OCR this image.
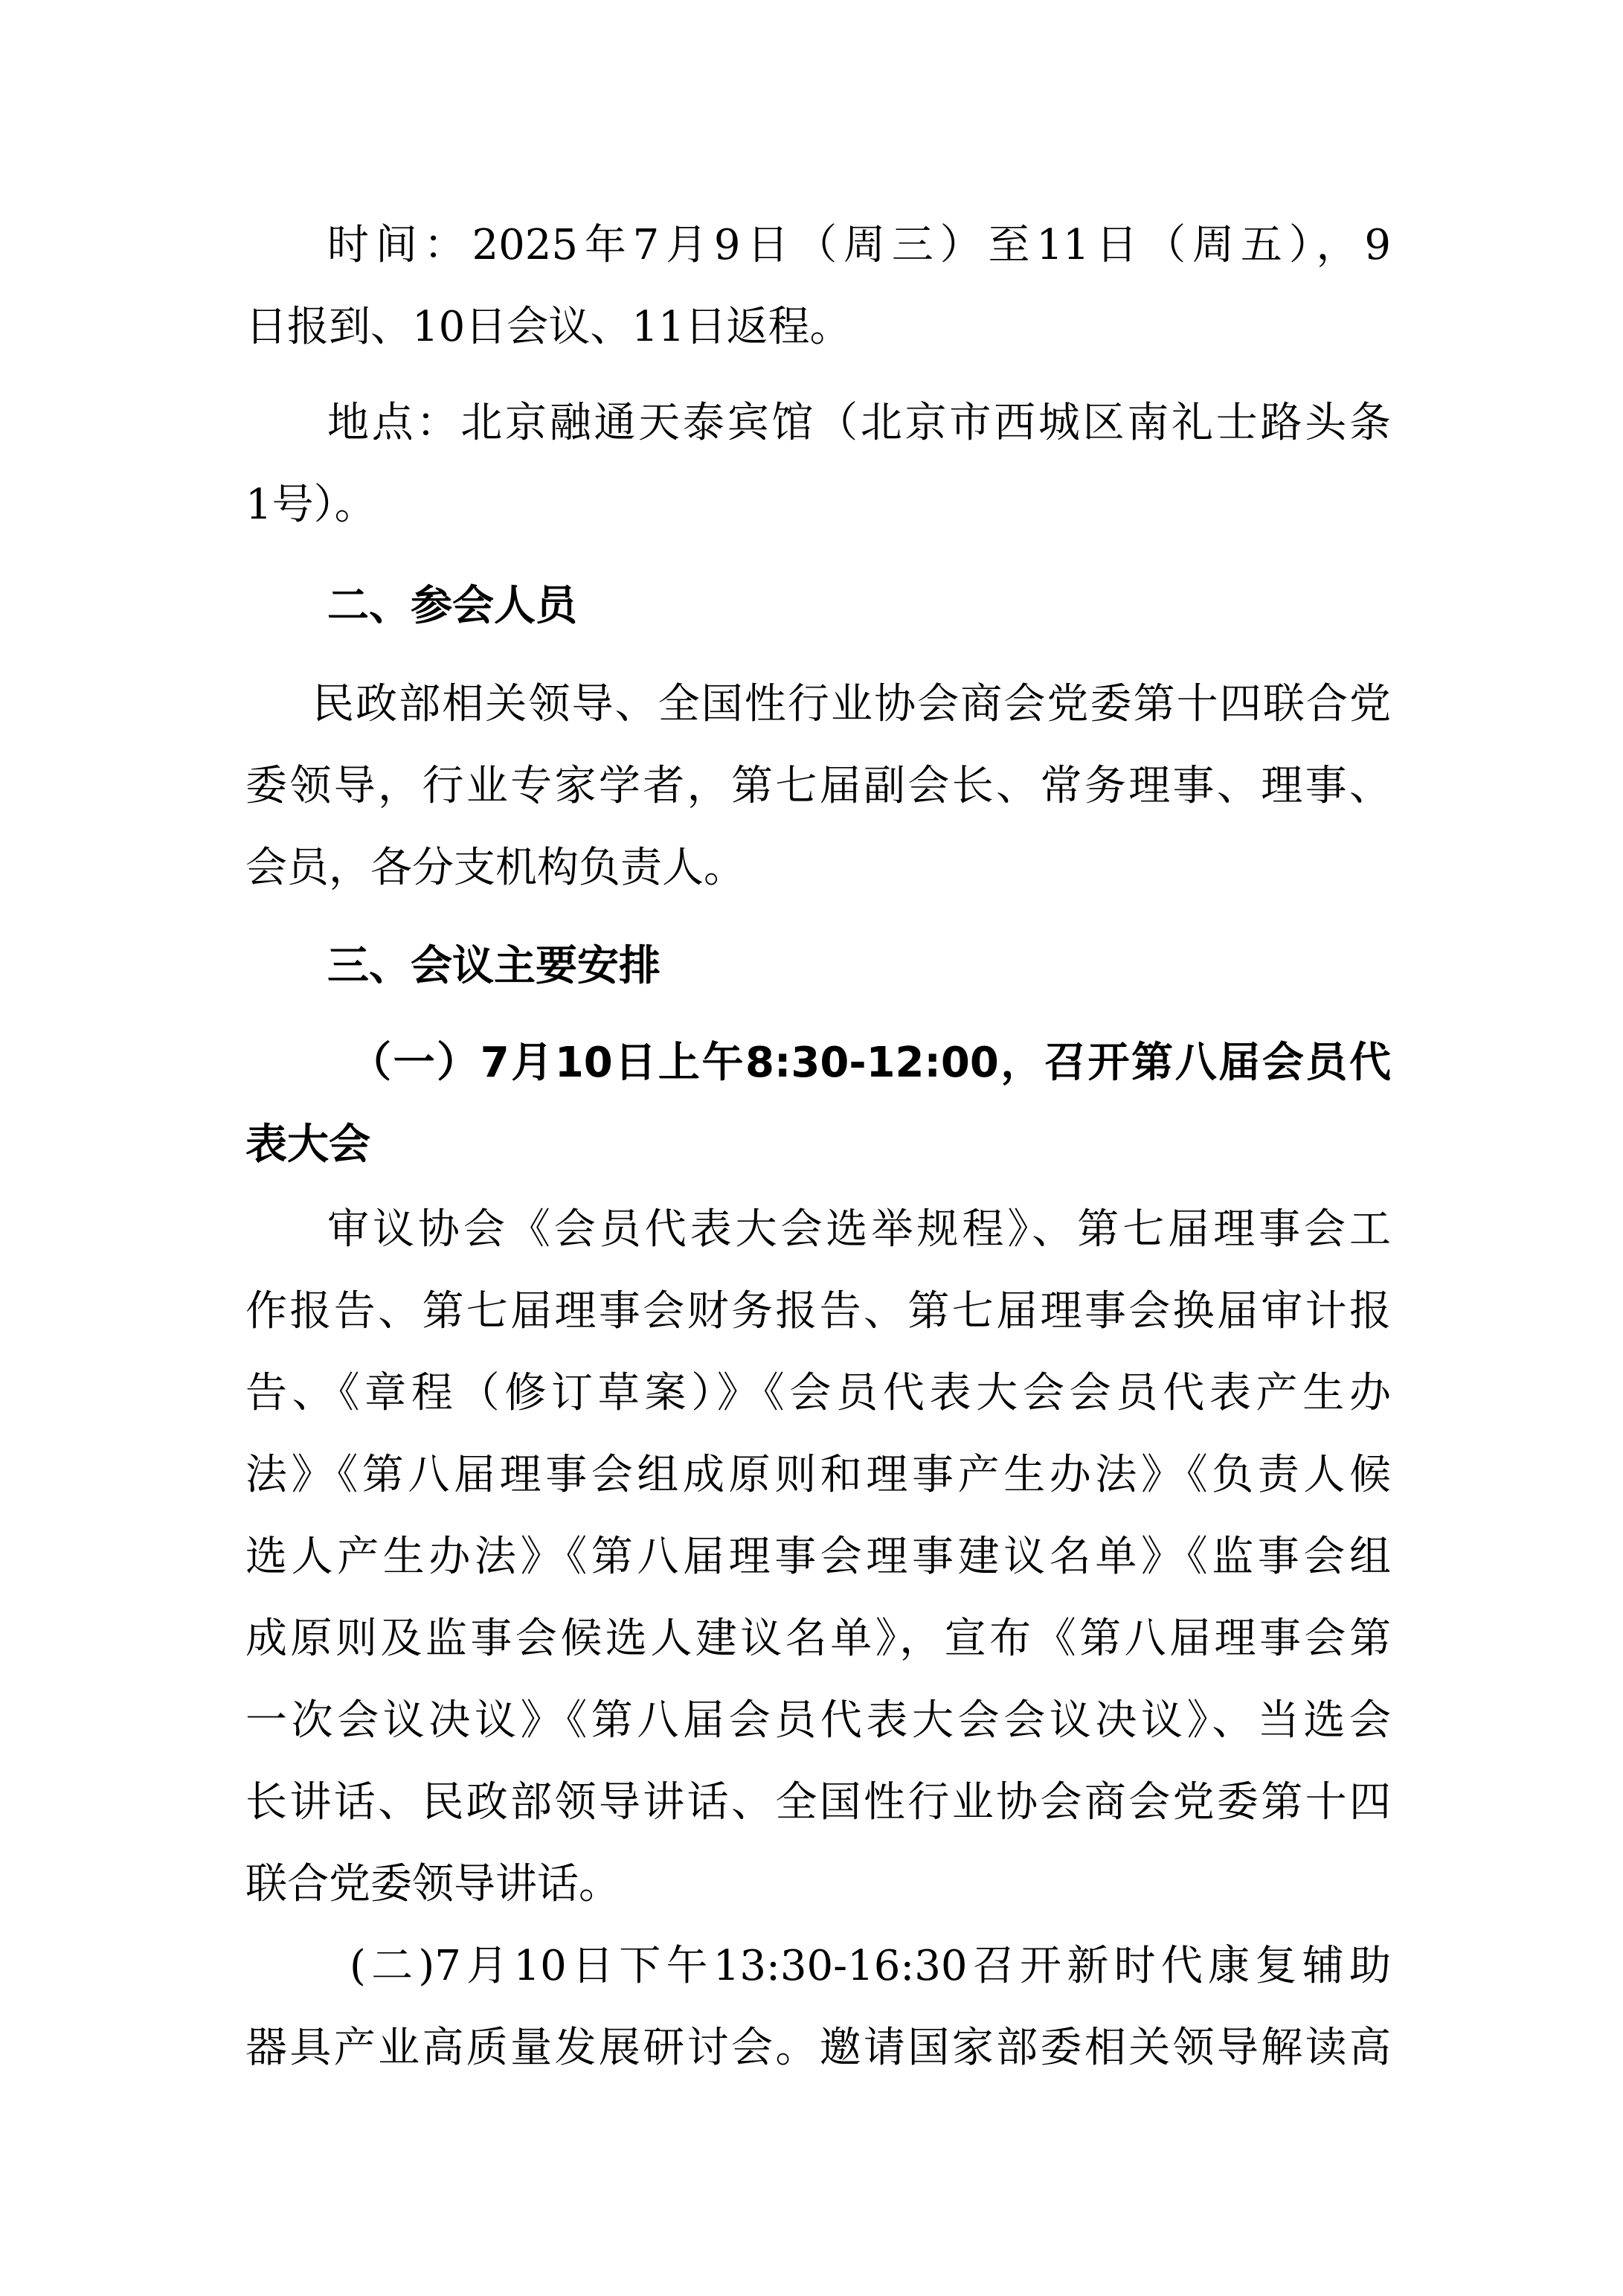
时间：2025年7月9日（周三）至11日（周五），9
日报到、10日会议、11日返程。
地点：北京融通天泰宾馆（北京市西城区南礼士路头条
1号）。
二、参会人员
民政部相关领导、全国性行业协会商会党委第十四联合党
委领导，行业专家学者，第七届副会长、常务理事、理事、
会员，各分支机构负责人。
三、会议主要安排
（一）7月10日上午8:30-12:00，召开第八届会员代
表大会
审议协会《会员代表大会选举规程》、第七届理事会工
作报告、第七届理事会财务报告、第七届理事会换届审计报
告、《章程（修订草案）》《会员代表大会会员代表产生办
法》《第八届理事会组成原则和理事产生办法》《负责人候
选人产生办法》《第八届理事会理事建议名单》《监事会组
成原则及监事会候选人建议名单》，宣布《第八届理事会第
一次会议决议》《第八届会员代表大会会议决议》、当选会
长讲话、民政部领导讲话、全国性行业协会商会党委第十四
联合党委领导讲话。
(二)7月10日下午13:30-16:30召开新时代康复辅助
器具产业高质量发展研讨会。邀请国家部委相关领导解读高
